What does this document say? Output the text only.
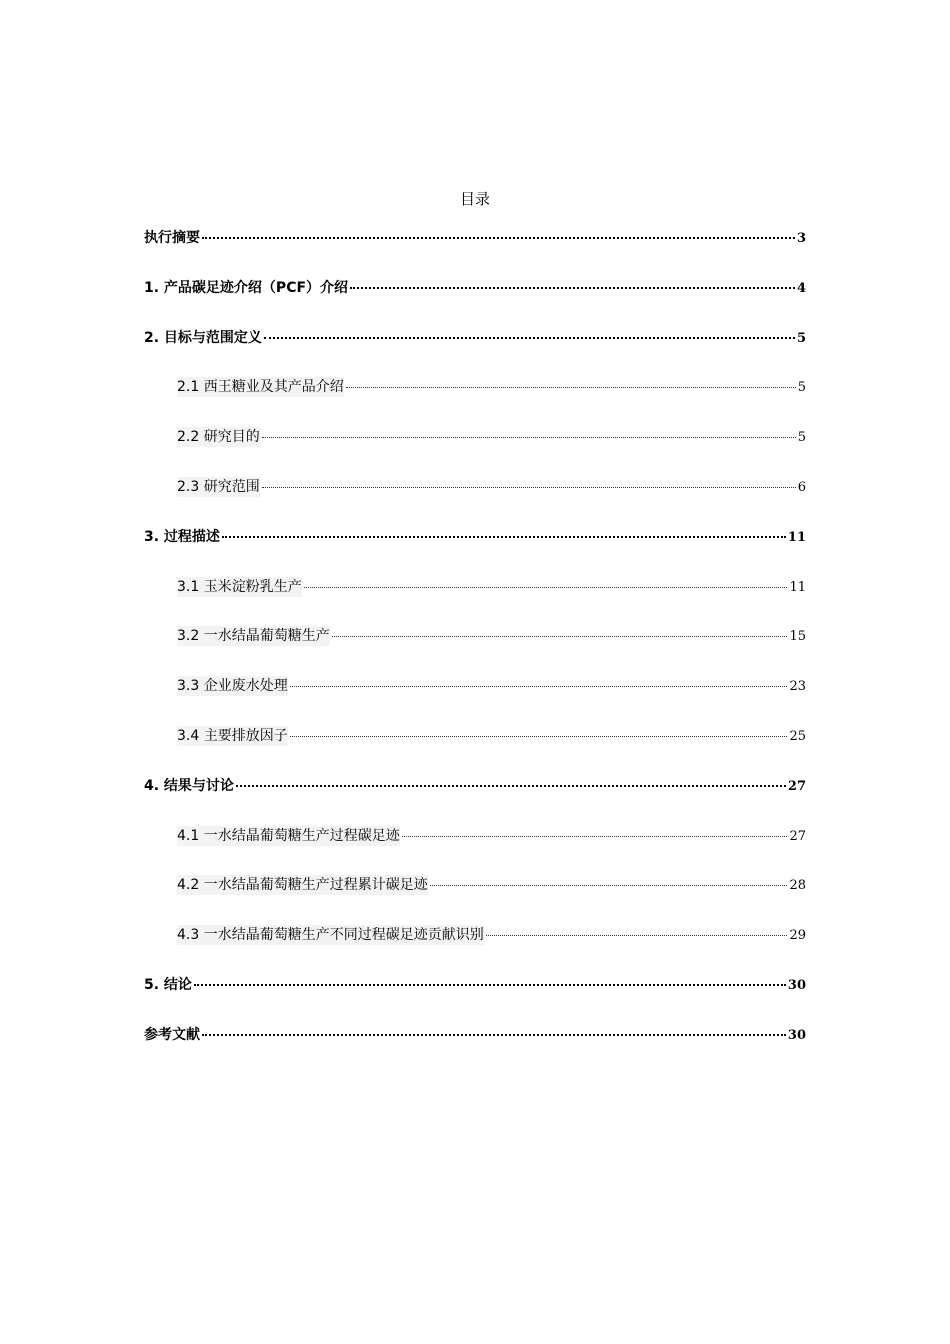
目录
执行摘要	3
1. 产品碳足迹介绍（PCF）介绍	4
2. 目标与范围定义	5
2.1 西王糖业及其产品介绍	5
2.2 研究目的	5
2.3 研究范围	6
3. 过程描述	11
3.1 玉米淀粉乳生产	11
3.2 一水结晶葡萄糖生产	15
3.3 企业废水处理	23
3.4 主要排放因子	25
4. 结果与讨论	27
4.1 一水结晶葡萄糖生产过程碳足迹	27
4.2 一水结晶葡萄糖生产过程累计碳足迹	28
4.3 一水结晶葡萄糖生产不同过程碳足迹贡献识别	29
5. 结论	30
参考文献	30
